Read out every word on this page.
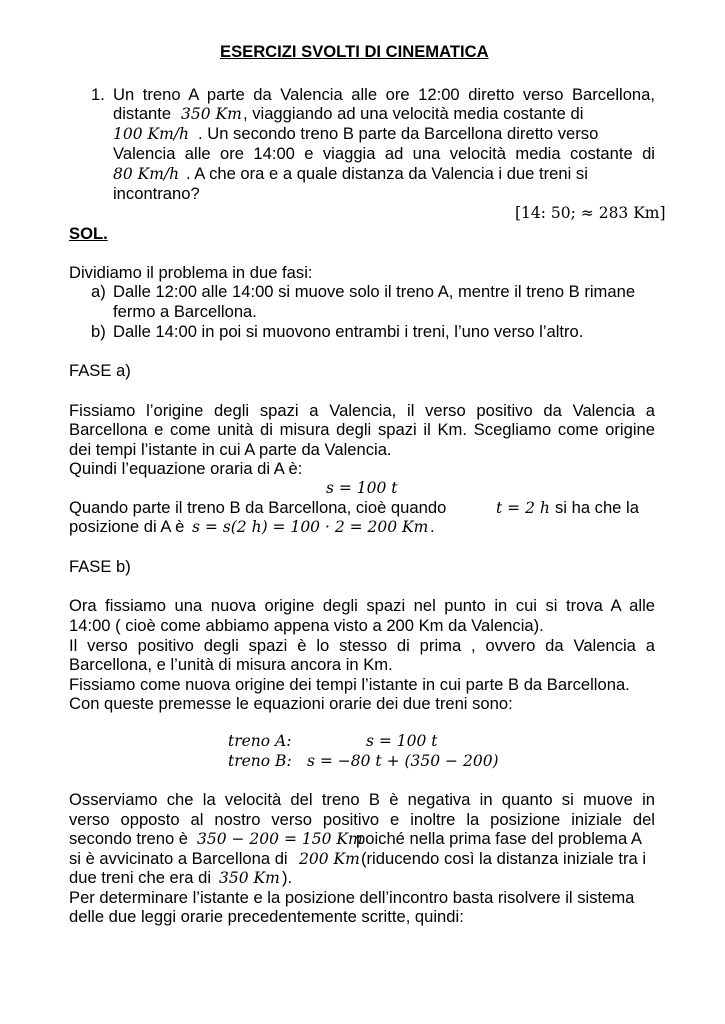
ESERCIZI SVOLTI DI CINEMATICA
1. Un treno A parte da Valencia alle ore 12:00 diretto verso Barcellona,
distante 350 Km , viaggiando ad una velocità media costante di
100 Km/h . Un secondo treno B parte da Barcellona diretto verso
Valencia alle ore 14:00 e viaggia ad una velocità media costante di
80 Km/h . A che ora e a quale distanza da Valencia i due treni si
incontrano?
[14: 50; ≈ 283 Km]
SOL.
Dividiamo il problema in due fasi:
a) Dalle 12:00 alle 14:00 si muove solo il treno A, mentre il treno B rimane
fermo a Barcellona.
b) Dalle 14:00 in poi si muovono entrambi i treni, l’uno verso l’altro.
FASE a)
Fissiamo l’origine degli spazi a Valencia, il verso positivo da Valencia a
Barcellona e come unità di misura degli spazi il Km. Scegliamo come origine
dei tempi l’istante in cui A parte da Valencia.
Quindi l’equazione oraria di A è:
s = 100 t
Quando parte il treno B da Barcellona, cioè quando	t = 2 h si ha che la
posizione di A è s = s(2 h) = 100 · 2 = 200 Km .
FASE b)
Ora fissiamo una nuova origine degli spazi nel punto in cui si trova A alle
14:00 ( cioè come abbiamo appena visto a 200 Km da Valencia).
Il verso positivo degli spazi è lo stesso di prima , ovvero da Valencia a
Barcellona, e l’unità di misura ancora in Km.
Fissiamo come nuova origine dei tempi l’istante in cui parte B da Barcellona.
Con queste premesse le equazioni orarie dei due treni sono:
treno A:	s = 100 t
treno B: s = −80 t + (350 − 200)
Osserviamo che la velocità del treno B è negativa in quanto si muove in
verso opposto al nostro verso positivo e inoltre la posizione iniziale del
secondo treno è 350 − 200 = 150 Km
poiché nella prima fase del problema A
si è avvicinato a Barcellona di 200 Km (riducendo così la distanza iniziale tra i
due treni che era di 350 Km ).
Per determinare l’istante e la posizione dell’incontro basta risolvere il sistema
delle due leggi orarie precedentemente scritte, quindi:
